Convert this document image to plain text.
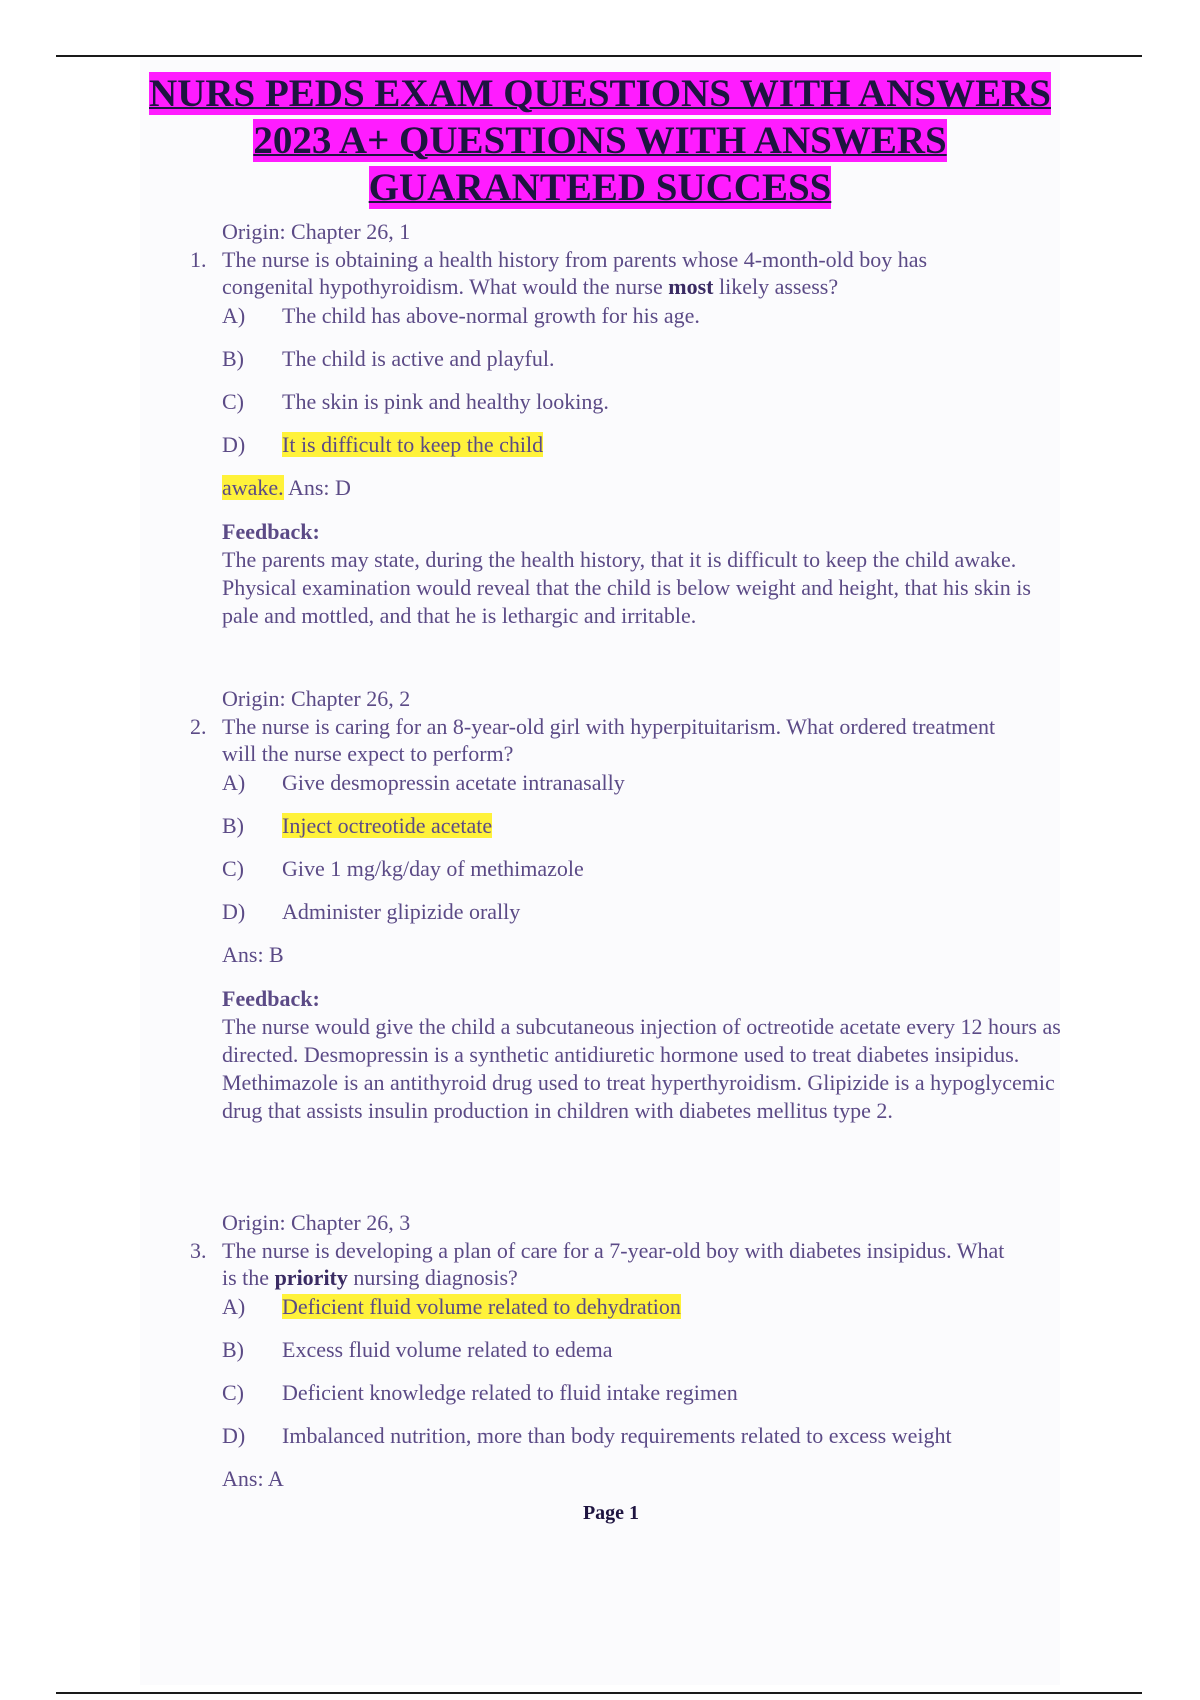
NURS PEDS EXAM QUESTIONS WITH ANSWERS
2023 A+ QUESTIONS WITH ANSWERS
GUARANTEED SUCCESS
Origin: Chapter 26, 1
1. The nurse is obtaining a health history from parents whose 4-month-old boy has congenital hypothyroidism. What would the nurse most likely assess?
A) The child has above-normal growth for his age.
B) The child is active and playful.
C) The skin is pink and healthy looking.
D) It is difficult to keep the child
awake. Ans: D
Feedback:
The parents may state, during the health history, that it is difficult to keep the child awake. Physical examination would reveal that the child is below weight and height, that his skin is pale and mottled, and that he is lethargic and irritable.
Origin: Chapter 26, 2
2. The nurse is caring for an 8-year-old girl with hyperpituitarism. What ordered treatment will the nurse expect to perform?
A) Give desmopressin acetate intranasally
B) Inject octreotide acetate
C) Give 1 mg/kg/day of methimazole
D) Administer glipizide orally
Ans: B
Feedback:
The nurse would give the child a subcutaneous injection of octreotide acetate every 12 hours as directed. Desmopressin is a synthetic antidiuretic hormone used to treat diabetes insipidus. Methimazole is an antithyroid drug used to treat hyperthyroidism. Glipizide is a hypoglycemic drug that assists insulin production in children with diabetes mellitus type 2.
Origin: Chapter 26, 3
3. The nurse is developing a plan of care for a 7-year-old boy with diabetes insipidus. What is the priority nursing diagnosis?
A) Deficient fluid volume related to dehydration
B) Excess fluid volume related to edema
C) Deficient knowledge related to fluid intake regimen
D) Imbalanced nutrition, more than body requirements related to excess weight
Ans: A
Page 1
